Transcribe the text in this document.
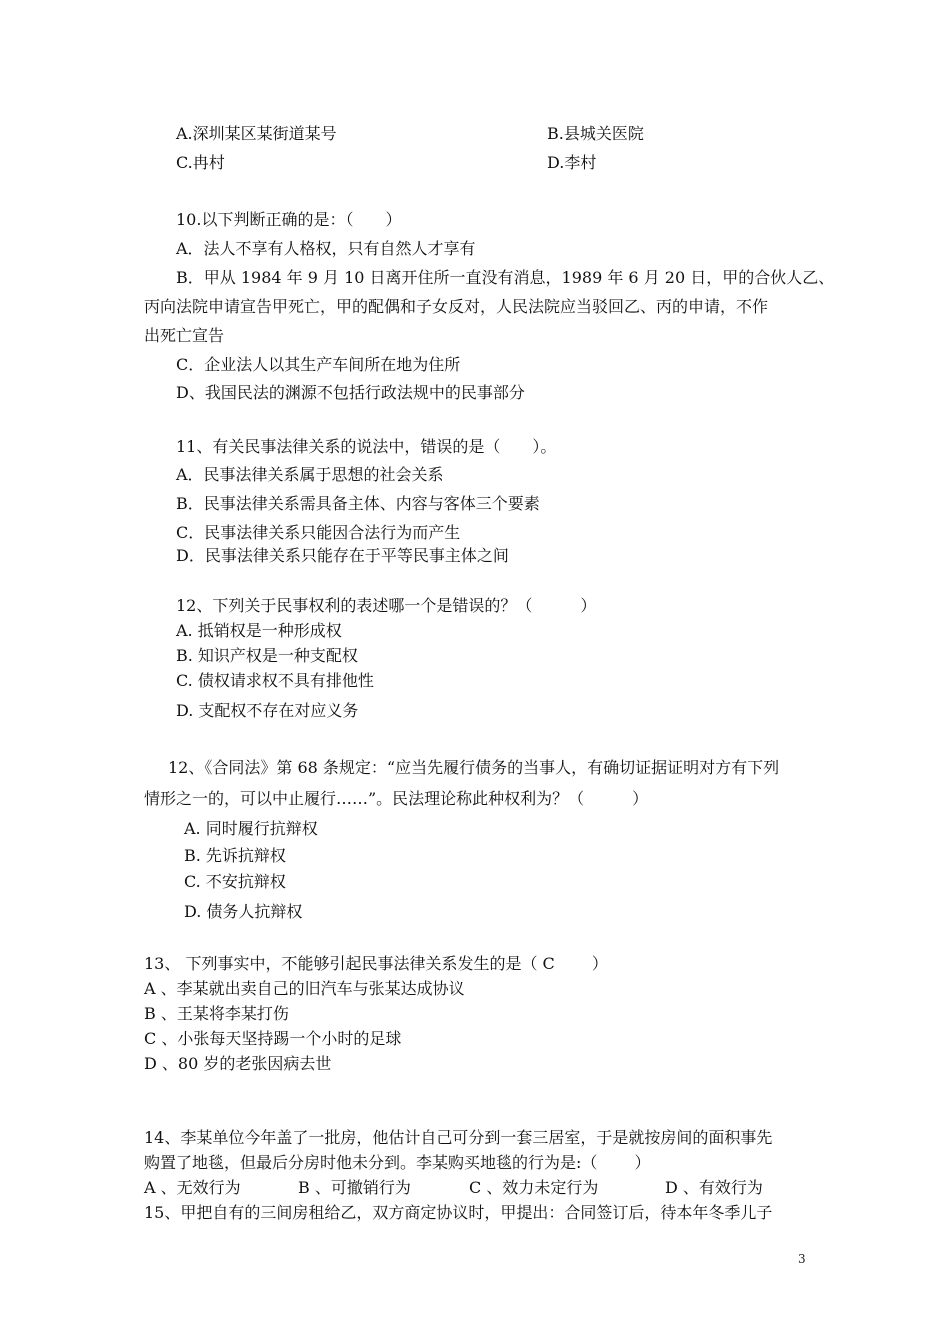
A.深圳某区某街道某号	B.县城关医院
C.冉村	D.李村
10.以下判断正确的是：（　　）
A．法人不享有人格权，只有自然人才享有
B．甲从 1984 年 9 月 10 日离开住所一直没有消息，1989 年 6 月 20 日，甲的合伙人乙、
丙向法院申请宣告甲死亡，甲的配偶和子女反对，人民法院应当驳回乙、丙的申请，不作
出死亡宣告
C．企业法人以其生产车间所在地为住所
D、我国民法的渊源不包括行政法规中的民事部分
11、有关民事法律关系的说法中，错误的是（　　）。
A．民事法律关系属于思想的社会关系
B．民事法律关系需具备主体、内容与客体三个要素
C．民事法律关系只能因合法行为而产生
D．民事法律关系只能存在于平等民事主体之间
12、下列关于民事权利的表述哪一个是错误的？（　　　）
A. 抵销权是一种形成权
B. 知识产权是一种支配权
C. 债权请求权不具有排他性
D. 支配权不存在对应义务
12、《合同法》第 68 条规定：“应当先履行债务的当事人，有确切证据证明对方有下列
情形之一的，可以中止履行……”。民法理论称此种权利为？（　　　）
A. 同时履行抗辩权
B. 先诉抗辩权
C. 不安抗辩权
D. 债务人抗辩权
13、 下列事实中，不能够引起民事法律关系发生的是（ C　　 ）
A 、李某就出卖自己的旧汽车与张某达成协议
B 、王某将李某打伤
C 、小张每天坚持踢一个小时的足球
D 、80 岁的老张因病去世
14、李某单位今年盖了一批房，他估计自己可分到一套三居室，于是就按房间的面积事先
购置了地毯，但最后分房时他未分到。李某购买地毯的行为是:（　　 ）
A 、无效行为	B 、可撤销行为	C 、效力未定行为	D 、有效行为
15、甲把自有的三间房租给乙，双方商定协议时，甲提出：合同签订后，待本年冬季儿子
3
